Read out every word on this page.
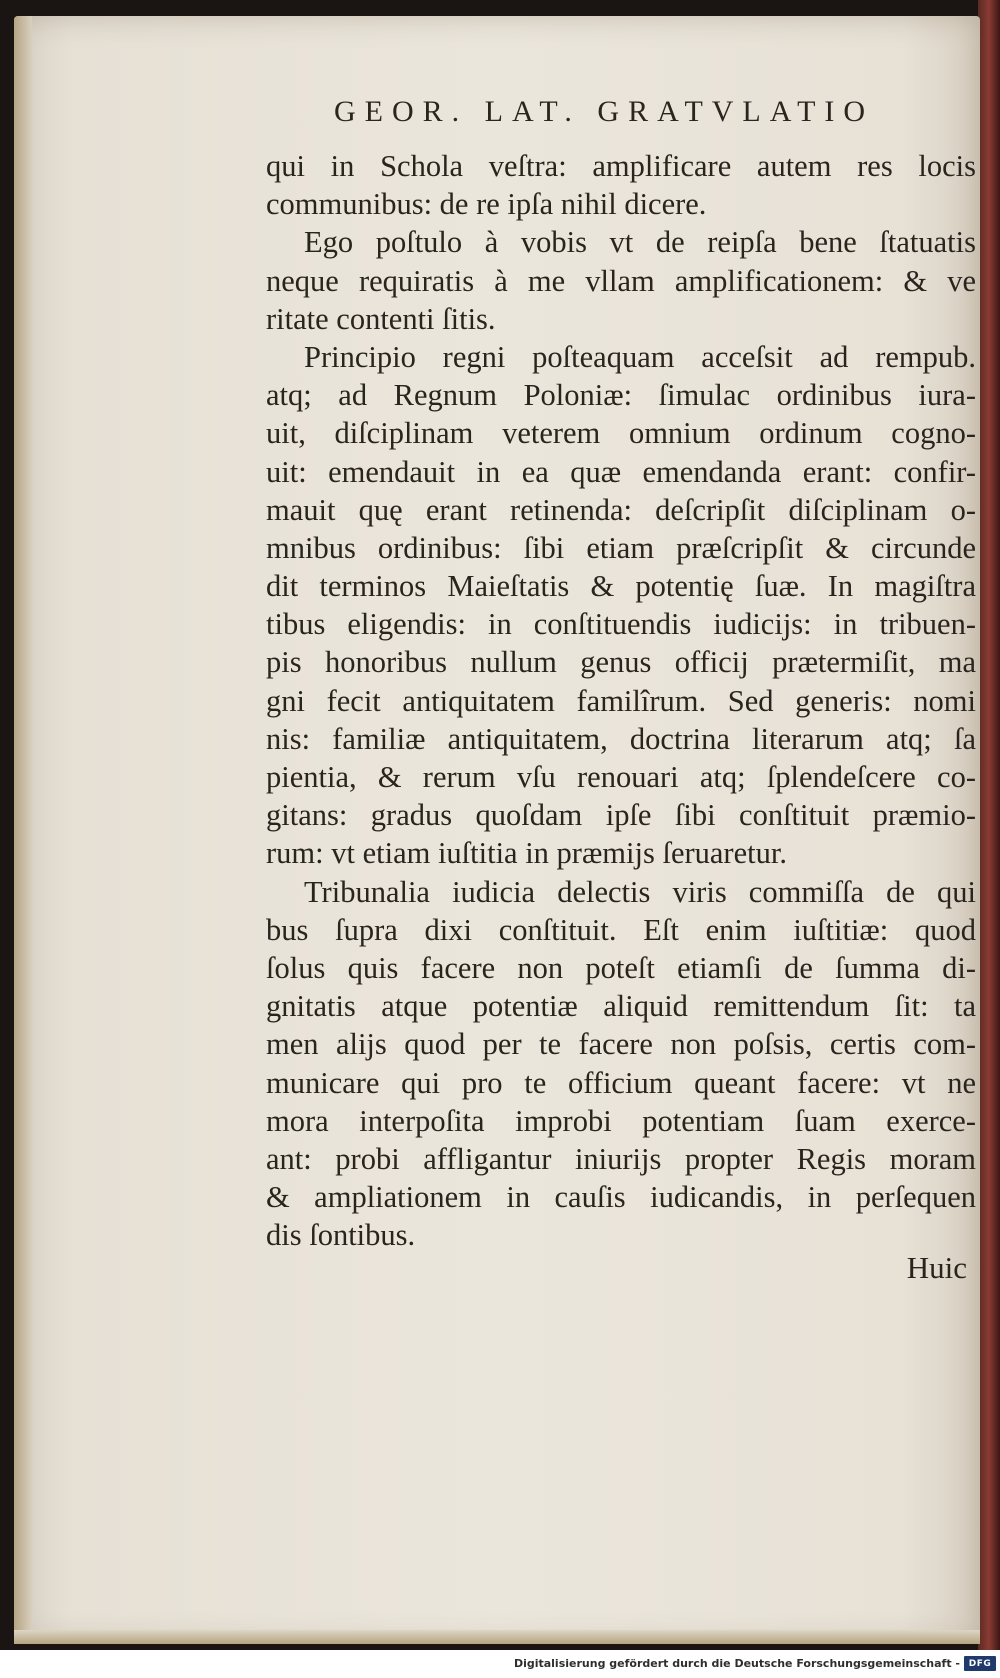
GEOR. LAT. GRATVLATIO
qui in Schola veſtra: amplificare autem res locis
communibus: de re ipſa nihil dicere.
Ego poſtulo à vobis vt de reipſa bene ſtatuatis
neque requiratis à me vllam amplificationem: & ve
ritate contenti ſitis.
Principio regni poſteaquam acceſsit ad rempub.
atq; ad Regnum Poloniæ: ſimulac ordinibus iura-
uit, diſciplinam veterem omnium ordinum cogno-
uit: emendauit in ea quæ emendanda erant: confir-
mauit quę erant retinenda: deſcripſit diſciplinam o-
mnibus ordinibus: ſibi etiam præſcripſit & circunde
dit terminos Maieſtatis & potentię ſuæ. In magiſtra
tibus eligendis: in conſtituendis iudicijs: in tribuen-
pis honoribus nullum genus officij prætermiſit, ma
gni fecit antiquitatem familîrum. Sed generis: nomi
nis: familiæ antiquitatem, doctrina literarum atq; ſa
pientia, & rerum vſu renouari atq; ſplendeſcere co-
gitans: gradus quoſdam ipſe ſibi conſtituit præmio-
rum: vt etiam iuſtitia in præmijs ſeruaretur.
Tribunalia iudicia delectis viris commiſſa de qui
bus ſupra dixi conſtituit. Eſt enim iuſtitiæ: quod
ſolus quis facere non poteſt etiamſi de ſumma di-
gnitatis atque potentiæ aliquid remittendum ſit: ta
men alijs quod per te facere non poſsis, certis com-
municare qui pro te officium queant facere: vt ne
mora interpoſita improbi potentiam ſuam exerce-
ant: probi affligantur iniurijs propter Regis moram
& ampliationem in cauſis iudicandis, in perſequen
dis ſontibus.
Huic
Digitalisierung gefördert durch die Deutsche Forschungsgemeinschaft - DFG
